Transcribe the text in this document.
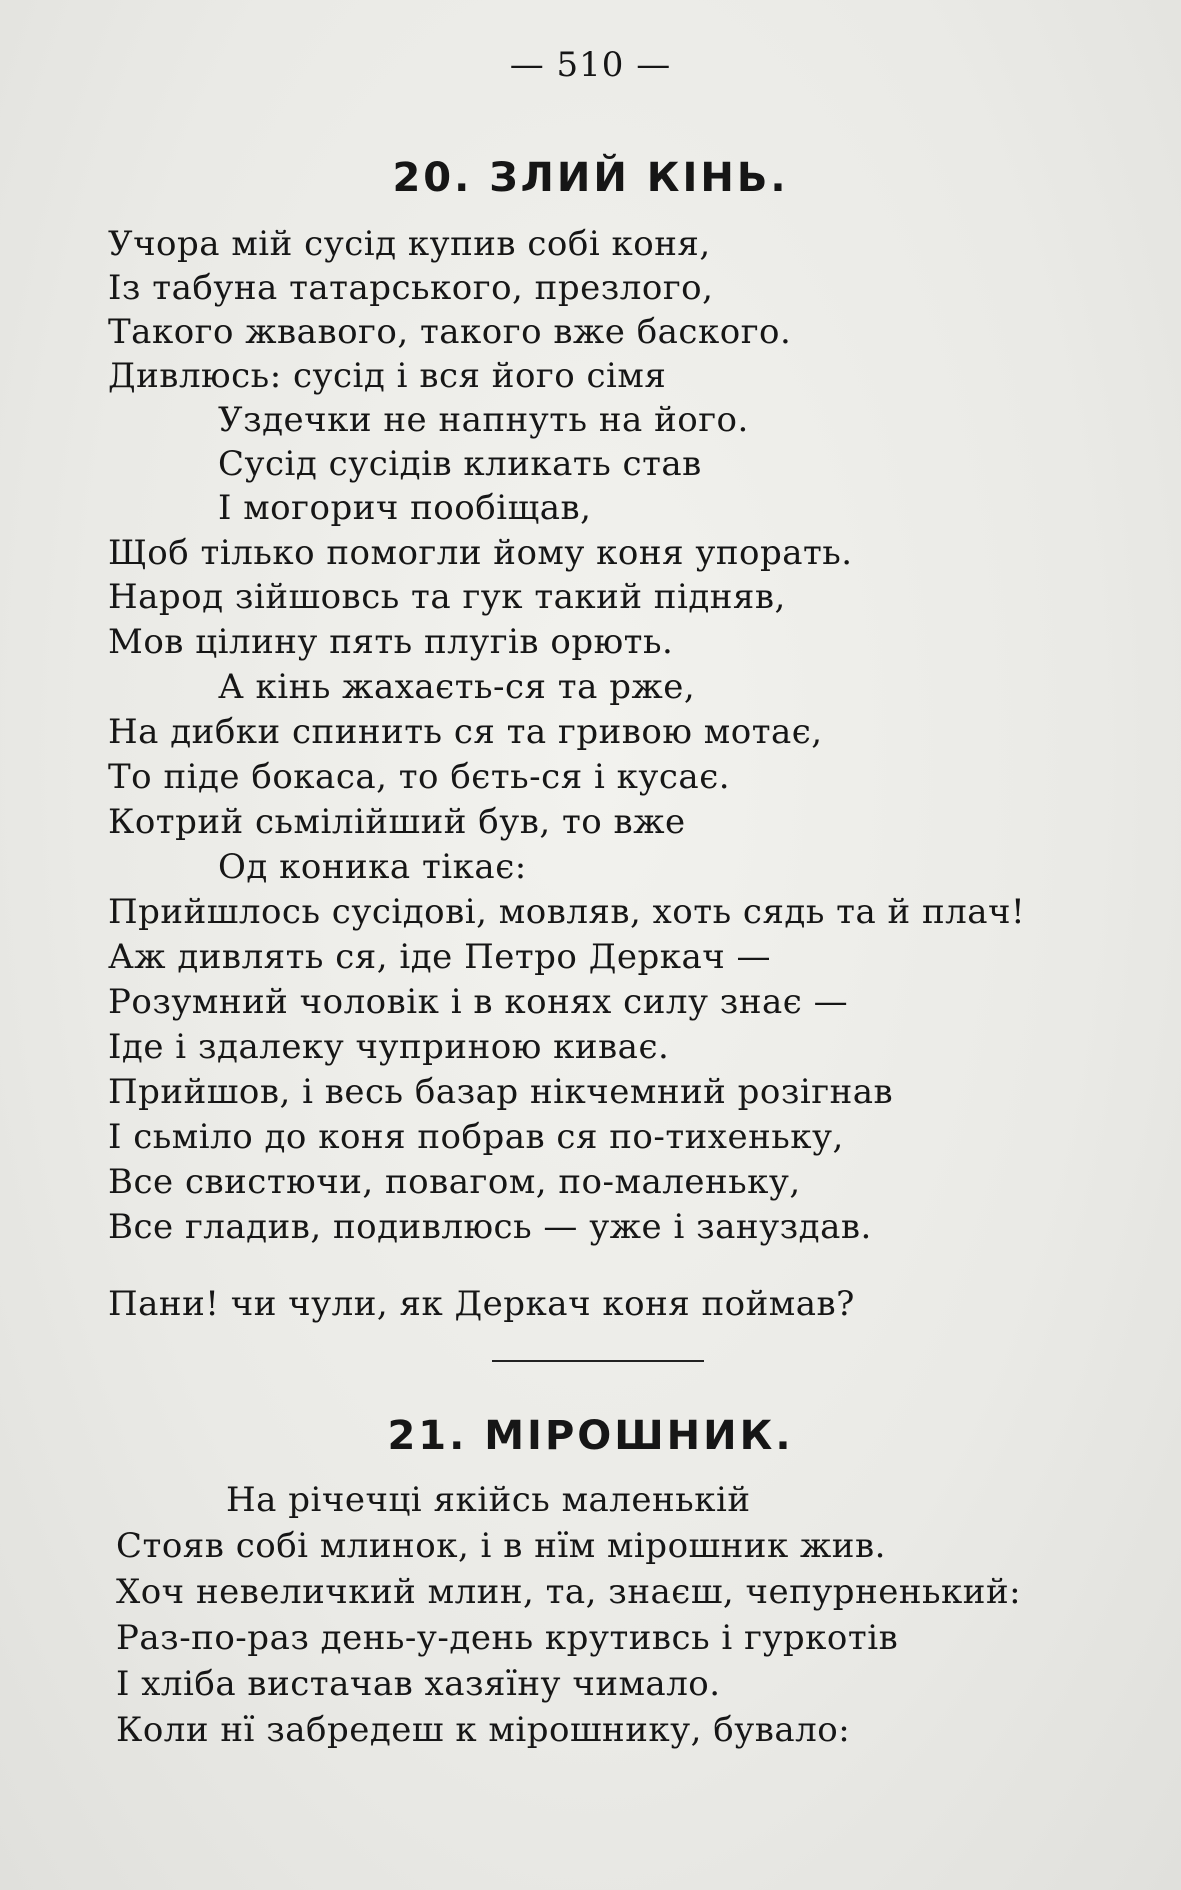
— 510 —
20. ЗЛИЙ КІНЬ.
Учора мій сусід купив собі коня,
Із табуна татарського, презлого,
Такого жвавого, такого вже баского.
Дивлюсь: сусід і вся його сімя
Уздечки не напнуть на його.
Сусід сусідів кликать став
І могорич пообіщав,
Щоб тілько помогли йому коня упорать.
Народ зійшовсь та гук такий підняв,
Мов цілину пять плугів орють.
А кінь жахаєть-ся та рже,
На дибки спинить ся та гривою мотає,
То піде бокаса, то бєть-ся і кусає.
Котрий сьмілійший був, то вже
Од коника тікає:
Прийшлось сусідові, мовляв, хоть сядь та й плач!
Аж дивлять ся, іде Петро Деркач —
Розумний чоловік і в конях силу знає —
Іде і здалеку чуприною киває.
Прийшов, і весь базар нікчемний розігнав
І сьміло до коня побрав ся по-тихеньку,
Все свистючи, повагом, по-маленьку,
Все гладив, подивлюсь — уже і зануздав.
Пани! чи чули, як Деркач коня поймав?
21. МІРОШНИК.
На річечці якійсь маленькій
Стояв собі млинок, і в нїм мірошник жив.
Хоч невеличкий млин, та, знаєш, чепурненький:
Раз-по-раз день-у-день крутивсь і гуркотів
І хліба вистачав хазяїну чимало.
Коли нї забредеш к мірошнику, бувало:
